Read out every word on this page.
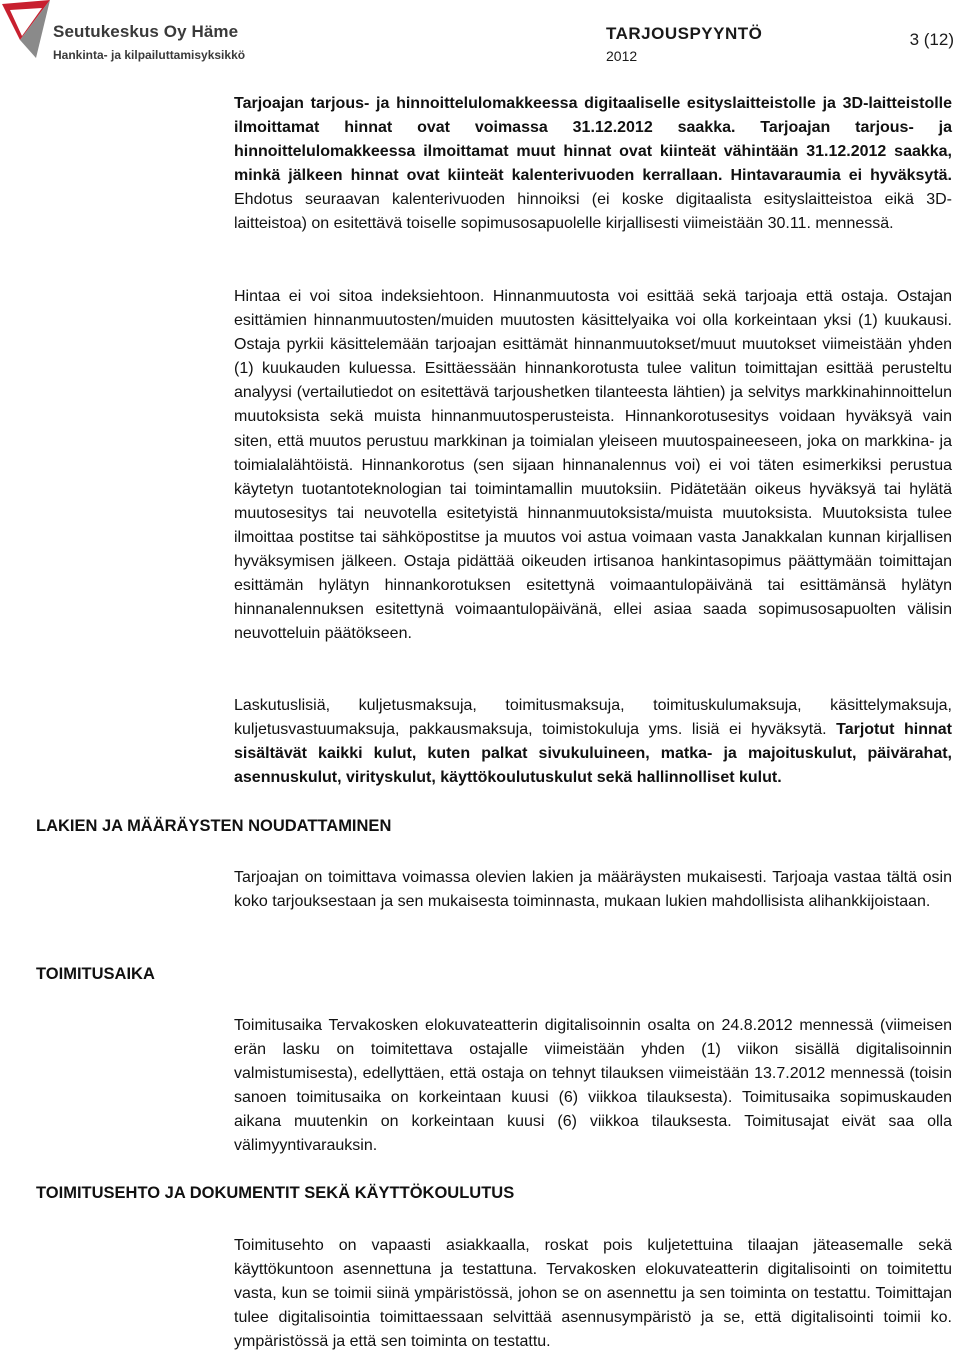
Seutukeskus Oy Häme
Hankinta- ja kilpailuttamisyksikkö
TARJOUSPYYNTÖ
2012
3 (12)
Tarjoajan tarjous- ja hinnoittelulomakkeessa digitaaliselle esityslaitteistolle ja 3D-laitteistolle ilmoittamat hinnat ovat voimassa 31.12.2012 saakka. Tarjoajan tarjous- ja hinnoittelulomakkeessa ilmoittamat muut hinnat ovat kiinteät vähintään 31.12.2012 saakka, minkä jälkeen hinnat ovat kiinteät kalenterivuoden kerrallaan. Hintavaraumia ei hyväksytä. Ehdotus seuraavan kalenterivuoden hinnoiksi (ei koske digitaalista esityslaitteistoa eikä 3D-laitteistoa) on esitettävä toiselle sopimusosapuolelle kirjallisesti viimeistään 30.11. mennessä.
Hintaa ei voi sitoa indeksiehtoon. Hinnanmuutosta voi esittää sekä tarjoaja että ostaja. Ostajan esittämien hinnanmuutosten/muiden muutosten käsittelyaika voi olla korkeintaan yksi (1) kuukausi. Ostaja pyrkii käsittelemään tarjoajan esittämät hinnanmuutokset/muut muutokset viimeistään yhden (1) kuukauden kuluessa. Esittäessään hinnankorotusta tulee valitun toimittajan esittää perusteltu analyysi (vertailutiedot on esitettävä tarjoushetken tilanteesta lähtien) ja selvitys markkinahinnoittelun muutoksista sekä muista hinnanmuutosperusteista. Hinnankorotusesitys voidaan hyväksyä vain siten, että muutos perustuu markkinan ja toimialan yleiseen muutospaineeseen, joka on markkina- ja toimialalähtöistä. Hinnankorotus (sen sijaan hinnanalennus voi) ei voi täten esimerkiksi perustua käytetyn tuotantoteknologian tai toimintamallin muutoksiin. Pidätetään oikeus hyväksyä tai hylätä muutosesitys tai neuvotella esitetyistä hinnanmuutoksista/muista muutoksista. Muutoksista tulee ilmoittaa postitse tai sähköpostitse ja muutos voi astua voimaan vasta Janakkalan kunnan kirjallisen hyväksymisen jälkeen. Ostaja pidättää oikeuden irtisanoa hankintasopimus päättymään toimittajan esittämän hylätyn hinnankorotuksen esitettynä voimaantulopäivänä tai esittämänsä hylätyn hinnanalennuksen esitettynä voimaantulopäivänä, ellei asiaa saada sopimusosapuolten välisin neuvotteluin päätökseen.
Laskutuslisiä, kuljetusmaksuja, toimitusmaksuja, toimituskulumaksuja, käsittelymaksuja, kuljetusvastuumaksuja, pakkausmaksuja, toimistokuluja yms. lisiä ei hyväksytä. Tarjotut hinnat sisältävät kaikki kulut, kuten palkat sivukuluineen, matka- ja majoituskulut, päivärahat, asennuskulut, virityskulut, käyttökoulutuskulut sekä hallinnolliset kulut.
LAKIEN JA MÄÄRÄYSTEN NOUDATTAMINEN
Tarjoajan on toimittava voimassa olevien lakien ja määräysten mukaisesti. Tarjoaja vastaa tältä osin koko tarjouksestaan ja sen mukaisesta toiminnasta, mukaan lukien mahdollisista alihankkijoistaan.
TOIMITUSAIKA
Toimitusaika Tervakosken elokuvateatterin digitalisoinnin osalta on 24.8.2012 mennessä (viimeisen erän lasku on toimitettava ostajalle viimeistään yhden (1) viikon sisällä digitalisoinnin valmistumisesta), edellyttäen, että ostaja on tehnyt tilauksen viimeistään 13.7.2012 mennessä (toisin sanoen toimitusaika on korkeintaan kuusi (6) viikkoa tilauksesta). Toimitusaika sopimuskauden aikana muutenkin on korkeintaan kuusi (6) viikkoa tilauksesta. Toimitusajat eivät saa olla välimyyntivarauksin.
TOIMITUSEHTO JA DOKUMENTIT SEKÄ KÄYTTÖKOULUTUS
Toimitusehto on vapaasti asiakkaalla, roskat pois kuljetettuina tilaajan jäteasemalle sekä käyttökuntoon asennettuna ja testattuna. Tervakosken elokuvateatterin digitalisointi on toimitettu vasta, kun se toimii siinä ympäristössä, johon se on asennettu ja sen toiminta on testattu. Toimittajan tulee digitalisointia toimittaessaan selvittää asennusympäristö ja se, että digitalisointi toimii ko. ympäristössä ja että sen toiminta on testattu.
